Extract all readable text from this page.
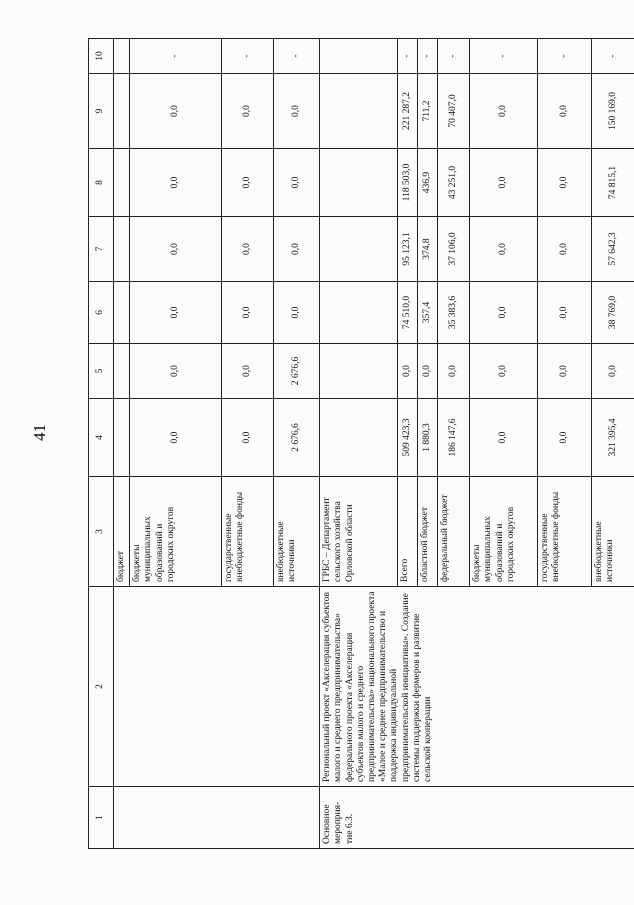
41
1	2	3	4	5	6	7	8	9	10
		бюджет							
		бюджеты муниципальных образований и городских округов	0,0	0,0	0,0	0,0	0,0	0,0	-
		государственные внебюджетные фонды	0,0	0,0	0,0	0,0	0,0	0,0	-
		внебюджетные источники	2 676,6	2 676,6	0,0	0,0	0,0	0,0	-
Основное мероприя-тие 6.3.	Региональный проект «Акселерация субъектов малого и среднего предпринимательства» федерального проекта «Акселерация субъектов малого и среднего предпринимательства» национального проекта «Малое и среднее предпринимательство и поддержка индивидуальной предпринимательской инициативы». Создание системы поддержки фермеров и развитие сельской кооперации	ГРБС – Департамент сельского хозяйства Орловской области							
		Всего	509 423,3	0,0	74 510,0	95 123,1	118 503,0	221 287,2	-
		областной бюджет	1 880,3	0,0	357,4	374,8	436,9	711,2	-
		федеральный бюджет	186 147,6	0,0	35 383,6	37 106,0	43 251,0	70 407,0	-
		бюджеты муниципальных образований и городских округов	0,0	0,0	0,0	0,0	0,0	0,0	-
		государственные внебюджетные фонды	0,0	0,0	0,0	0,0	0,0	0,0	-
		внебюджетные источники	321 395,4	0,0	38 769,0	57 642,3	74 815,1	150 169,0	-
